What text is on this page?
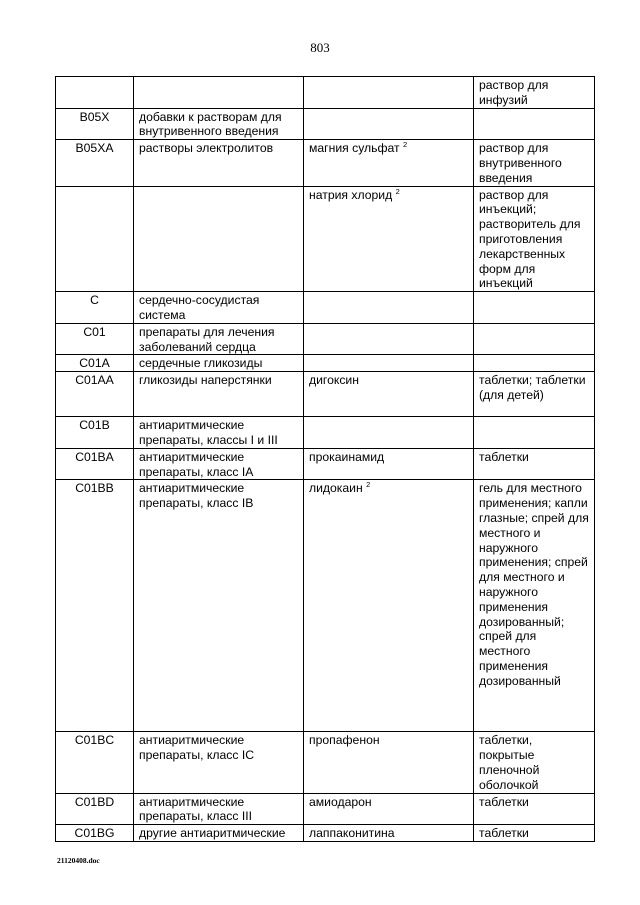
803
			раствор для инфузий
B05X	добавки к растворам для внутривенного введения		
B05XA	растворы электролитов	магния сульфат $^2$	раствор для внутривенного введения
		натрия хлорид $^2$	раствор для инъекций; растворитель для приготовления лекарственных форм для инъекций
C	сердечно-сосудистая система		
C01	препараты для лечения заболеваний сердца		
C01A	сердечные гликозиды		
C01AA	гликозиды наперстянки	дигоксин	таблетки; таблетки (для детей)
C01B	антиаритмические препараты, классы I и III		
C01BA	антиаритмические препараты, класс IA	прокаинамид	таблетки
C01BB	антиаритмические препараты, класс IB	лидокаин $^2$	гель для местного применения; капли глазные; спрей для местного и наружного применения; спрей для местного и наружного применения дозированный; спрей для местного применения дозированный
C01BC	антиаритмические препараты, класс IC	пропафенон	таблетки, покрытые пленочной оболочкой
C01BD	антиаритмические препараты, класс III	амиодарон	таблетки
C01BG	другие антиаритмические	лаппаконитина	таблетки
21120408.doc
